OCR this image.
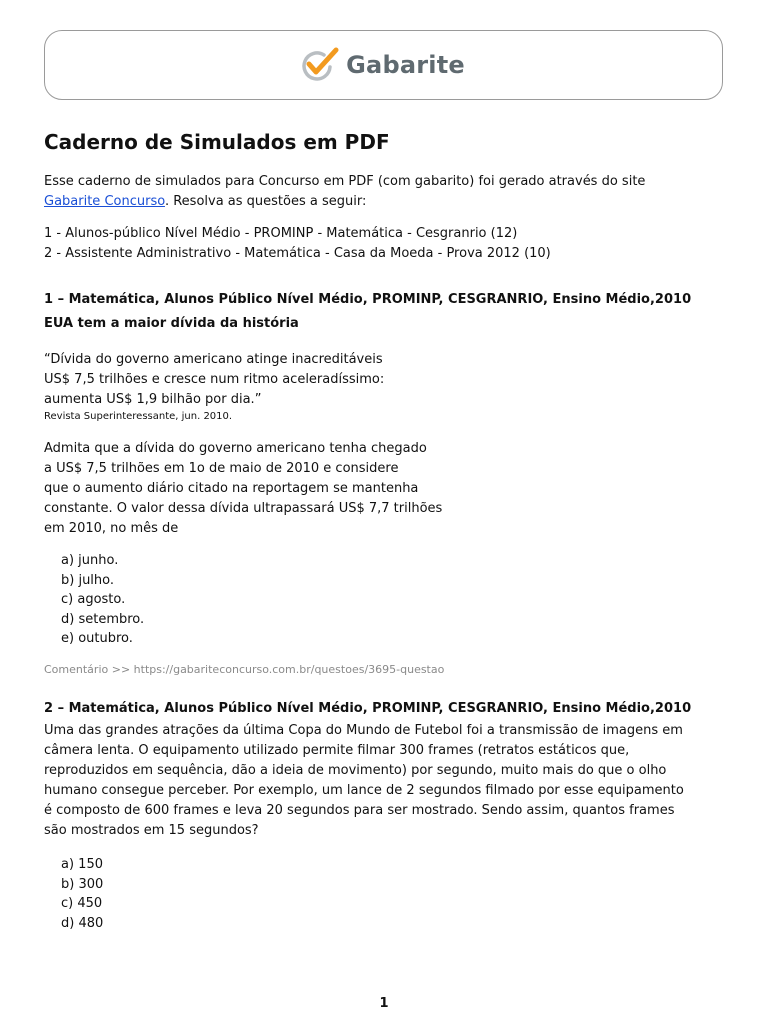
Gabarite
Caderno de Simulados em PDF

Esse caderno de simulados para Concurso em PDF (com gabarito) foi gerado através do site
Gabarite Concurso. Resolva as questões a seguir:

1 - Alunos-público Nível Médio - PROMINP - Matemática - Cesgranrio (12)
2 - Assistente Administrativo - Matemática - Casa da Moeda - Prova 2012 (10)
1 – Matemática, Alunos Público Nível Médio, PROMINP, CESGRANRIO, Ensino Médio,2010
EUA tem a maior dívida da história
“Dívida do governo americano atinge inacreditáveis
US$ 7,5 trilhões e cresce num ritmo aceleradíssimo:
aumenta US$ 1,9 bilhão por dia.”
Revista Superinteressante, jun. 2010.
Admita que a dívida do governo americano tenha chegado
a US$ 7,5 trilhões em 1o de maio de 2010 e considere
que o aumento diário citado na reportagem se mantenha
constante. O valor dessa dívida ultrapassará US$ 7,7 trilhões
em 2010, no mês de
a) junho.
b) julho.
c) agosto.
d) setembro.
e) outubro.
Comentário >> https://gabariteconcurso.com.br/questoes/3695-questao
2 – Matemática, Alunos Público Nível Médio, PROMINP, CESGRANRIO, Ensino Médio,2010
Uma das grandes atrações da última Copa do Mundo de Futebol foi a transmissão de imagens em
câmera lenta. O equipamento utilizado permite filmar 300 frames (retratos estáticos que,
reproduzidos em sequência, dão a ideia de movimento) por segundo, muito mais do que o olho
humano consegue perceber. Por exemplo, um lance de 2 segundos filmado por esse equipamento
é composto de 600 frames e leva 20 segundos para ser mostrado. Sendo assim, quantos frames
são mostrados em 15 segundos?
a) 150
b) 300
c) 450
d) 480
1
